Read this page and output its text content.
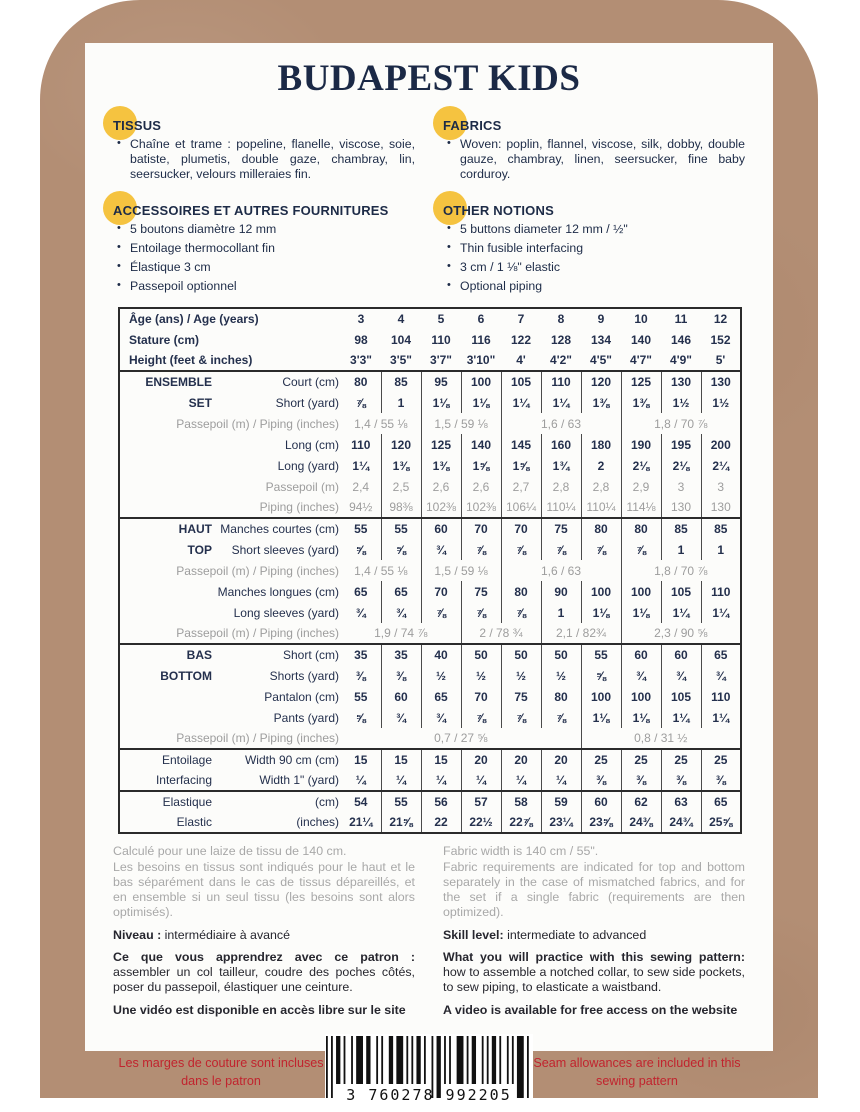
BUDAPEST KIDS
TISSUS
• Chaîne et trame : popeline, flanelle, viscose, soie, batiste, plumetis, double gaze, chambray, lin, seersucker, velours milleraies fin.
FABRICS
• Woven: poplin, flannel, viscose, silk, dobby, double gauze, chambray, linen, seersucker, fine baby corduroy.
ACCESSOIRES ET AUTRES FOURNITURES
• 5 boutons diamètre 12 mm
• Entoilage thermocollant fin
• Élastique 3 cm
• Passepoil optionnel
OTHER NOTIONS
• 5 buttons diameter 12 mm / ½"
• Thin fusible interfacing
• 3 cm / 1 ⅛" elastic
• Optional piping
Âge (ans) / Age (years)		3	4	5	6	7	8	9	10	11	12
Stature (cm)		98	104	110	116	122	128	134	140	146	152
Height (feet & inches)		3'3"	3'5"	3'7"	3'10"	4'	4'2"	4'5"	4'7"	4'9"	5'
ENSEMBLE	Court (cm)	80	85	95	100	105	110	120	125	130	130
SET	Short (yard)	⅞	1	1⅛	1⅛	1¼	1¼	1⅜	1⅜	1½	1½
Passepoil (m) / Piping (inches)		1,4 / 55 ⅛		1,5 / 59 ⅛		1,6 / 63			1,8 / 70 ⅞		
Long (cm)		110	120	125	140	145	160	180	190	195	200
Long (yard)		1¼	1⅜	1⅜	1⅝	1⅝	1¾	2	2⅛	2⅛	2¼
Passepoil (m)		2,4	2,5	2,6	2,6	2,7	2,8	2,8	2,9	3	3
Piping (inches)		94½	98⅜	102⅜	102⅜	106¼	110¼	110¼	114⅛	130	130
HAUT	Manches courtes (cm)	55	55	60	70	70	75	80	80	85	85
TOP	Short sleeves (yard)	⅝	⅝	¾	⅞	⅞	⅞	⅞	⅞	1	1
Passepoil (m) / Piping (inches)		1,4 / 55 ⅛		1,5 / 59 ⅛		1,6 / 63			1,8 / 70 ⅞		
Manches longues (cm)		65	65	70	75	80	90	100	100	105	110
Long sleeves (yard)		¾	¾	⅞	⅞	⅞	1	1⅛	1⅛	1¼	1¼
Passepoil (m) / Piping (inches)		1,9 / 74 ⅞			2 / 78 ¾		2,1 / 82¾		2,3 / 90 ⅝		
BAS	Short (cm)	35	35	40	50	50	50	55	60	60	65
BOTTOM	Shorts (yard)	⅜	⅜	½	½	½	½	⅝	¾	¾	¾
Pantalon (cm)		55	60	65	70	75	80	100	100	105	110
Pants (yard)		⅝	¾	¾	⅞	⅞	⅞	1⅛	1⅛	1¼	1¼
Passepoil (m) / Piping (inches)		0,7 / 27 ⅝						0,8 / 31 ½			
Entoilage	Width 90 cm (cm)	15	15	15	20	20	20	25	25	25	25
Interfacing	Width 1" (yard)	¼	¼	¼	¼	¼	¼	⅜	⅜	⅜	⅜
Elastique	(cm)	54	55	56	57	58	59	60	62	63	65
Elastic	(inches)	21¼	21⅝	22	22½	22⅞	23¼	23⅝	24⅜	24¾	25⅝

Calculé pour une laize de tissu de 140 cm.

Les besoins en tissus sont indiqués pour le haut et le bas séparément dans le cas de tissus dépareillés, et en ensemble si un seul tissu (les besoins sont alors optimisés).

Niveau : intermédiaire à avancé

Ce que vous apprendrez avec ce patron : assembler un col tailleur, coudre des poches côtés, poser du passepoil, élastiquer une ceinture.

Une vidéo est disponible en accès libre sur le site

Fabric width is 140 cm / 55".

Fabric requirements are indicated for top and bottom separately in the case of mismatched fabrics, and for the set if a single fabric (requirements are then optimized).

Skill level: intermediate to advanced

What you will practice with this sewing pattern: how to assemble a notched collar, to sew side pockets, to sew piping, to elasticate a waistband.

A video is available for free access on the website

Les marges de couture sont incluses dans le patron
3 760278 992205
Seam allowances are included in this sewing pattern
